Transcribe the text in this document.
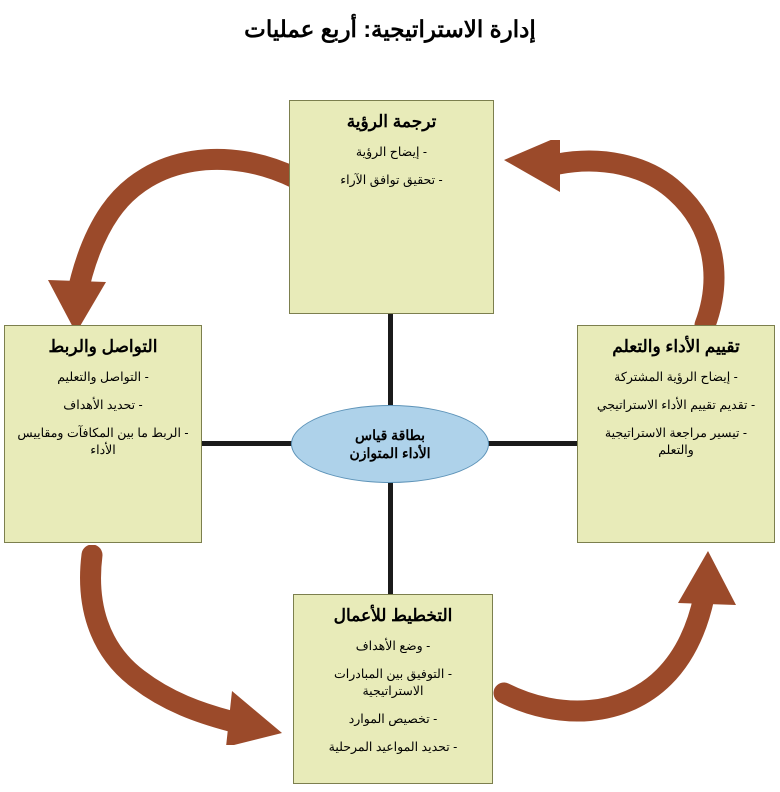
إدارة الاستراتيجية: أربع عمليات
ترجمة الرؤية
- إيضاح الرؤية
- تحقيق توافق الآراء
تقييم الأداء والتعلم
- إيضاح الرؤية المشتركة
- تقديم تقييم الأداء الاستراتيجي
- تيسير مراجعة الاستراتيجية والتعلم
التخطيط للأعمال
- وضع الأهداف
- التوفيق بين المبادرات الاستراتيجية
- تخصيص الموارد
- تحديد المواعيد المرحلية
التواصل والربط
- التواصل والتعليم
- تحديد الأهداف
- الربط ما بين المكافآت ومقاييس الأداء
بطاقة قياس
الأداء المتوازن
